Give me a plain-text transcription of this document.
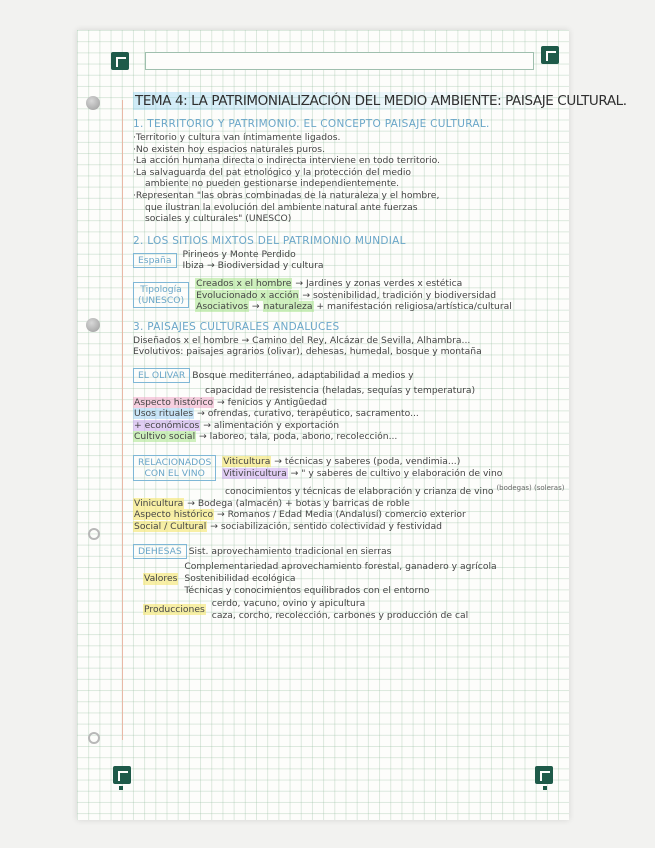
TEMA 4: LA PATRIMONIALIZACIÓN DEL MEDIO AMBIENTE: PAISAJE CULTURAL.
1. TERRITORIO Y PATRIMONIO. EL CONCEPTO PAISAJE CULTURAL.
·Territorio y cultura van íntimamente ligados.
·No existen hoy espacios naturales puros.
·La acción humana directa o indirecta interviene en todo territorio.
·La salvaguarda del pat etnológico y la protección del medio
ambiente no pueden gestionarse independientemente.
·Representan "las obras combinadas de la naturaleza y el hombre,
que ilustran la evolución del ambiente natural ante fuerzas
sociales y culturales" (UNESCO)
2. LOS SITIOS MIXTOS DEL PATRIMONIO MUNDIAL
España
Pirineos y Monte Perdido
Ibiza → Biodiversidad y cultura
Tipología
(UNESCO)
Creados x el hombre → Jardines y zonas verdes x estética
Evolucionado x acción → sostenibilidad, tradición y biodiversidad
Asociativos → naturaleza + manifestación religiosa/artística/cultural
3. PAISAJES CULTURALES ANDALUCES
Diseñados x el hombre → Camino del Rey, Alcázar de Sevilla, Alhambra...
Evolutivos: paisajes agrarios (olivar), dehesas, humedal, bosque y montaña
EL OLIVAR Bosque mediterráneo, adaptabilidad a medios y
capacidad de resistencia (heladas, sequías y temperatura)
Aspecto histórico → fenicios y Antigüedad
Usos rituales → ofrendas, curativo, terapéutico, sacramento...
+ económicos → alimentación y exportación
Cultivo social → laboreo, tala, poda, abono, recolección...
RELACIONADOS
CON EL VINO
Viticultura → técnicas y saberes (poda, vendimia...)
Vitivinicultura → " y saberes de cultivo y elaboración de vino
conocimientos y técnicas de elaboración y crianza de vino $^{(bodegas) (soleras)}$
Vinicultura → Bodega (almacén) + botas y barricas de roble
Aspecto histórico → Romanos / Edad Media (Andalusí) comercio exterior
Social / Cultural → sociabilización, sentido colectividad y festividad
DEHESAS Sist. aprovechamiento tradicional en sierras
Valores
Complementariedad aprovechamiento forestal, ganadero y agrícola
Sostenibilidad ecológica
Técnicas y conocimientos equilibrados con el entorno
Producciones
cerdo, vacuno, ovino y apicultura
caza, corcho, recolección, carbones y producción de cal
